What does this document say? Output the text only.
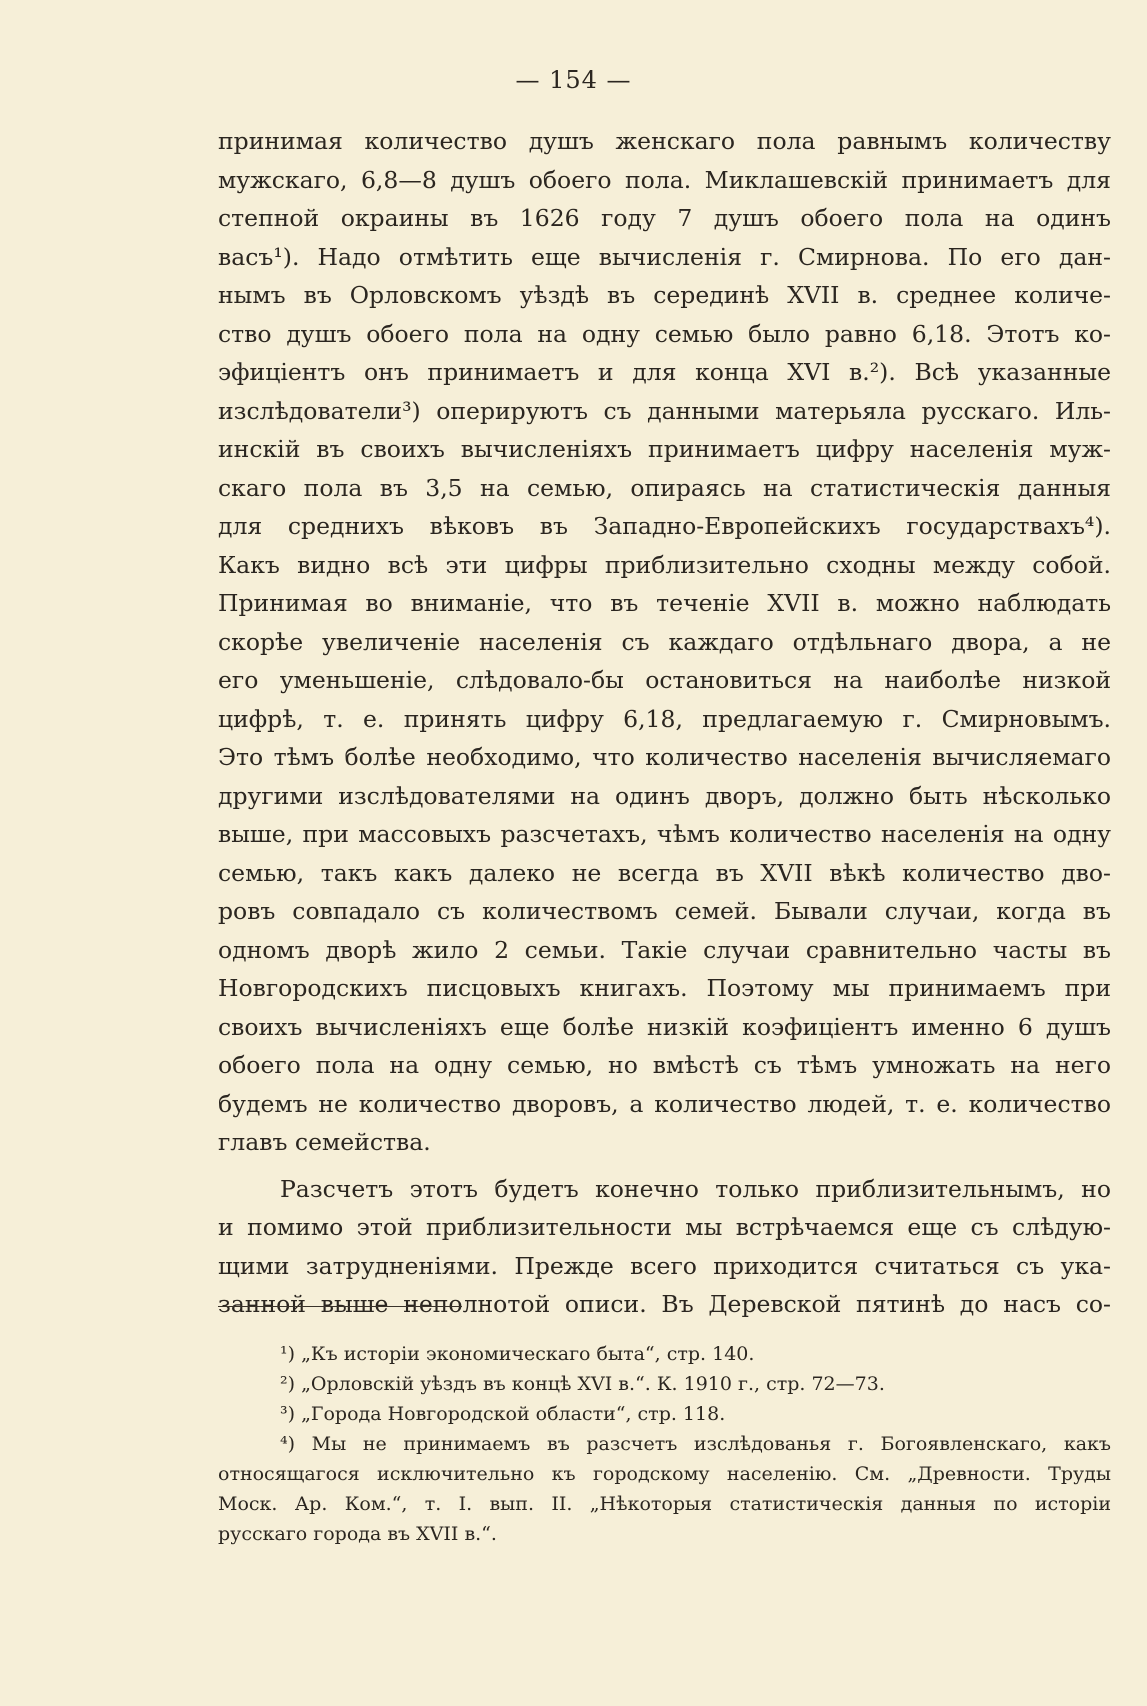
— 154 —
принимая количество душъ женскаго пола равнымъ количеству
мужскаго, 6,8—8 душъ обоего пола. Миклашевскій принимаетъ для
степной окраины въ 1626 году 7 душъ обоего пола на одинъ
васъ¹). Надо отмѣтить еще вычисленія г. Смирнова. По его дан-
нымъ въ Орловскомъ уѣздѣ въ серединѣ XVII в. среднее количе-
ство душъ обоего пола на одну семью было равно 6,18. Этотъ ко-
эфиціентъ онъ принимаетъ и для конца XVI в.²). Всѣ указанные
изслѣдователи³) оперируютъ съ данными матерьяла русскаго. Иль-
инскій въ своихъ вычисленіяхъ принимаетъ цифру населенія муж-
скаго пола въ 3,5 на семью, опираясь на статистическія данныя
для среднихъ вѣковъ въ Западно-Европейскихъ государствахъ⁴).
Какъ видно всѣ эти цифры приблизительно сходны между собой.
Принимая во вниманіе, что въ теченіе XVII в. можно наблюдать
скорѣе увеличеніе населенія съ каждаго отдѣльнаго двора, а не
его уменьшеніе, слѣдовало-бы остановиться на наиболѣе низкой
цифрѣ, т. е. принять цифру 6,18, предлагаемую г. Смирновымъ.
Это тѣмъ болѣе необходимо, что количество населенія вычисляемаго
другими изслѣдователями на одинъ дворъ, должно быть нѣсколько
выше, при массовыхъ разсчетахъ, чѣмъ количество населенія на одну
семью, такъ какъ далеко не всегда въ XVII вѣкѣ количество дво-
ровъ совпадало съ количествомъ семей. Бывали случаи, когда въ
одномъ дворѣ жило 2 семьи. Такіе случаи сравнительно часты въ
Новгородскихъ писцовыхъ книгахъ. Поэтому мы принимаемъ при
своихъ вычисленіяхъ еще болѣе низкій коэфиціентъ именно 6 душъ
обоего пола на одну семью, но вмѣстѣ съ тѣмъ умножать на него
будемъ не количество дворовъ, а количество людей, т. е. количество
главъ семейства.
Разсчетъ этотъ будетъ конечно только приблизительнымъ, но
и помимо этой приблизительности мы встрѣчаемся еще съ слѣдую-
щими затрудненіями. Прежде всего приходится считаться съ ука-
занной выше неполнотой описи. Въ Деревской пятинѣ до насъ со-
¹) „Къ исторіи экономическаго быта“, стр. 140.
²) „Орловскій уѣздъ въ концѣ XVI в.“. К. 1910 г., стр. 72—73.
³) „Города Новгородской области“, стр. 118.
⁴) Мы не принимаемъ въ разсчетъ изслѣдованья г. Богоявленскаго, какъ
относящагося исключительно къ городскому населенію. См. „Древности. Труды
Моск. Ар. Ком.“, т. I. вып. II. „Нѣкоторыя статистическія данныя по исторіи
русскаго города въ XVII в.“.
